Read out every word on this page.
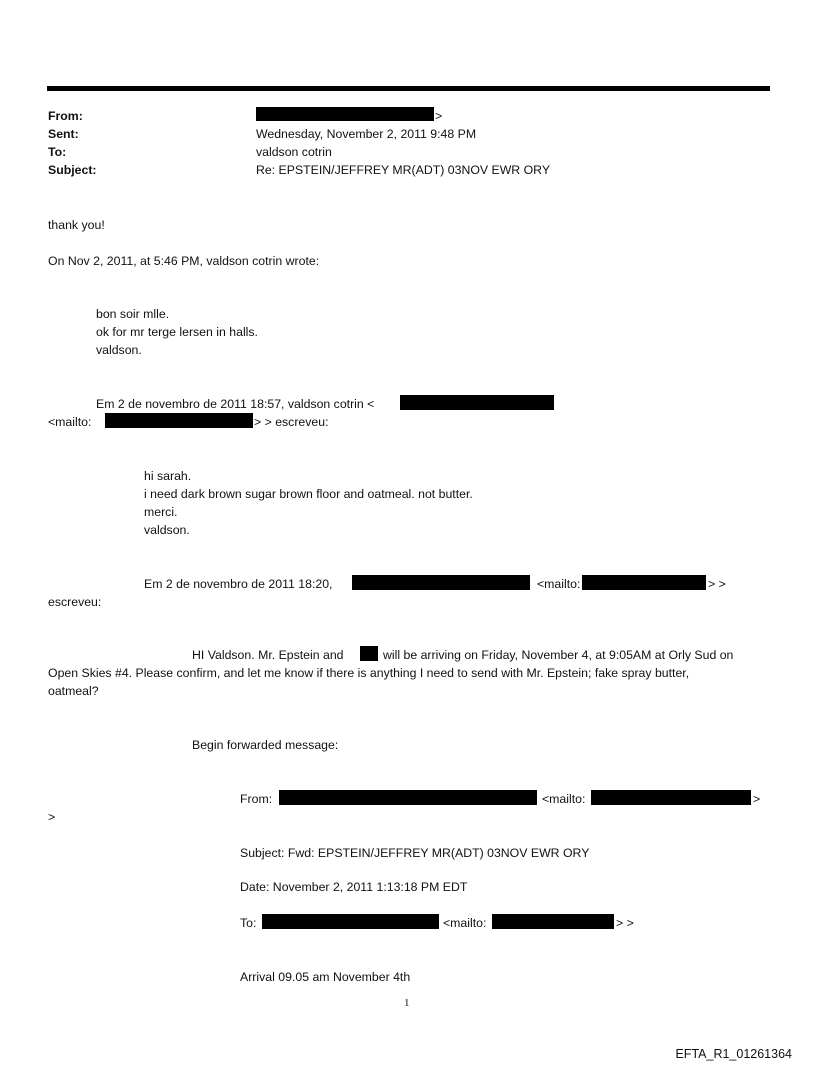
From:	>
Sent:	Wednesday, November 2, 2011 9:48 PM
To:	valdson cotrin
Subject:	Re: EPSTEIN/JEFFREY MR(ADT) 03NOV EWR ORY
thank you!
On Nov 2, 2011, at 5:46 PM, valdson cotrin wrote:
bon soir mlle.
ok for mr terge lersen in halls.
valdson.
Em 2 de novembro de 2011 18:57, valdson cotrin <
<mailto:	> > escreveu:
hi sarah.
i need dark brown sugar brown floor and oatmeal. not butter.
merci.
valdson.
Em 2 de novembro de 2011 18:20,	<mailto:	> >
escreveu:
HI Valdson. Mr. Epstein and	will be arriving on Friday, November 4, at 9:05AM at Orly Sud on
Open Skies #4. Please confirm, and let me know if there is anything I need to send with Mr. Epstein; fake spray butter,
oatmeal?
Begin forwarded message:
From:	<mailto:	>
>
Subject: Fwd: EPSTEIN/JEFFREY MR(ADT) 03NOV EWR ORY
Date: November 2, 2011 1:13:18 PM EDT
To:	<mailto:	> >
Arrival 09.05 am November 4th
1
EFTA_R1_01261364
